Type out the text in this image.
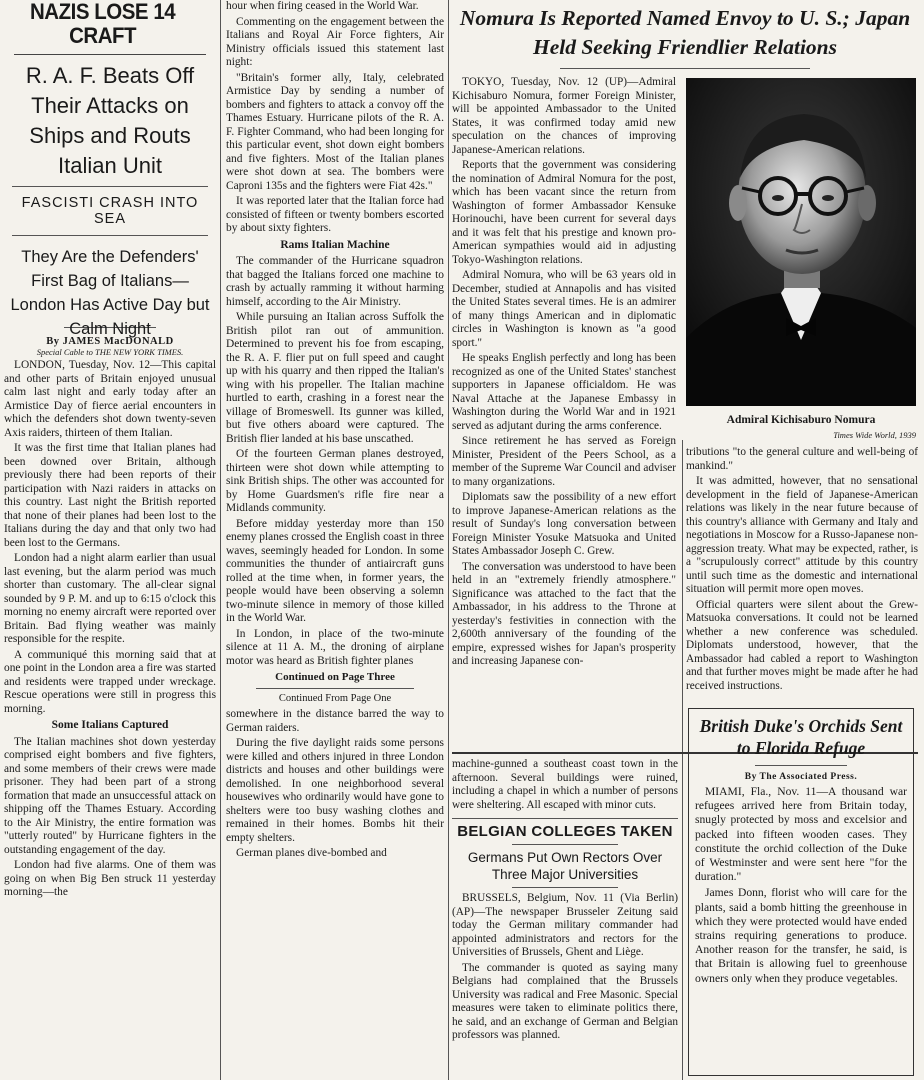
NAZIS LOSE 14 CRAFT
R. A. F. Beats Off Their Attacks on Ships and Routs Italian Unit
FASCISTI CRASH INTO SEA
They Are the Defenders' First Bag of Italians—London Has Active Day but Calm Night
By JAMES MacDONALD
Special Cable to THE NEW YORK TIMES.

LONDON, Tuesday, Nov. 12—This capital and other parts of Britain enjoyed unusual calm last night and early today after an Armistice Day of fierce aerial encounters in which the defenders shot down twenty-seven Axis raiders, thirteen of them Italian.

It was the first time that Italian planes had been downed over Britain, although previously there had been reports of their participation with Nazi raiders in attacks on this country. Last night the British reported that none of their planes had been lost to the Italians during the day and that only two had been lost to the Germans.

London had a night alarm earlier than usual last evening, but the alarm period was much shorter than customary. The all-clear signal sounded by 9 P. M. and up to 6:15 o'clock this morning no enemy aircraft were reported over Britain. Bad flying weather was mainly responsible for the respite.

A communiqué this morning said that at one point in the London area a fire was started and residents were trapped under wreckage. Rescue operations were still in progress this morning.

Some Italians Captured

The Italian machines shot down yesterday comprised eight bombers and five fighters, and some members of their crews were made prisoner. They had been part of a strong formation that made an unsuccessful attack on shipping off the Thames Estuary. According to the Air Ministry, the entire formation was "utterly routed" by Hurricane fighters in the outstanding engagement of the day.

London had five alarms. One of them was going on when Big Ben struck 11 yesterday morning—the

hour when firing ceased in the World War.

Commenting on the engagement between the Italians and Royal Air Force fighters, Air Ministry officials issued this statement last night:

"Britain's former ally, Italy, celebrated Armistice Day by sending a number of bombers and fighters to attack a convoy off the Thames Estuary. Hurricane pilots of the R. A. F. Fighter Command, who had been longing for this particular event, shot down eight bombers and five fighters. Most of the Italian planes were shot down at sea. The bombers were Caproni 135s and the fighters were Fiat 42s."

It was reported later that the Italian force had consisted of fifteen or twenty bombers escorted by about sixty fighters.

Rams Italian Machine

The commander of the Hurricane squadron that bagged the Italians forced one machine to crash by actually ramming it without harming himself, according to the Air Ministry.

While pursuing an Italian across Suffolk the British pilot ran out of ammunition. Determined to prevent his foe from escaping, the R. A. F. flier put on full speed and caught up with his quarry and then ripped the Italian's wing with his propeller. The Italian machine hurtled to earth, crashing in a forest near the village of Bromeswell. Its gunner was killed, but five others aboard were captured. The British flier landed at his base unscathed.

Of the fourteen German planes destroyed, thirteen were shot down while attempting to sink British ships. The other was accounted for by Home Guardsmen's rifle fire near a Midlands community.

Before midday yesterday more than 150 enemy planes crossed the English coast in three waves, seemingly headed for London. In some communities the thunder of antiaircraft guns rolled at the time when, in former years, the people would have been observing a solemn two-minute silence in memory of those killed in the World War.

In London, in place of the two-minute silence at 11 A. M., the droning of airplane motor was heard as British fighter planes

Continued on Page Three
Continued From Page One

somewhere in the distance barred the way to German raiders.

During the five daylight raids some persons were killed and others injured in three London districts and houses and other buildings were demolished. In one neighborhood several housewives who ordinarily would have gone to shelters were too busy washing clothes and remained in their homes. Bombs hit their empty shelters.

German planes dive-bombed and

Nomura Is Reported Named Envoy to U. S.; Japan Held Seeking Friendlier Relations

TOKYO, Tuesday, Nov. 12 (UP)—Admiral Kichisaburo Nomura, former Foreign Minister, will be appointed Ambassador to the United States, it was confirmed today amid new speculation on the chances of improving Japanese-American relations.

Reports that the government was considering the nomination of Admiral Nomura for the post, which has been vacant since the return from Washington of former Ambassador Kensuke Horinouchi, have been current for several days and it was felt that his prestige and known pro-American sympathies would aid in adjusting Tokyo-Washington relations.

Admiral Nomura, who will be 63 years old in December, studied at Annapolis and has visited the United States several times. He is an admirer of many things American and in diplomatic circles in Washington is known as "a good sport."

He speaks English perfectly and long has been recognized as one of the United States' stanchest supporters in Japanese officialdom. He was Naval Attache at the Japanese Embassy in Washington during the World War and in 1921 served as adjutant during the arms conference.

Since retirement he has served as Foreign Minister, President of the Peers School, as a member of the Supreme War Council and adviser to many organizations.

Diplomats saw the possibility of a new effort to improve Japanese-American relations as the result of Sunday's long conversation between Foreign Minister Yosuke Matsuoka and United States Ambassador Joseph C. Grew.

The conversation was understood to have been held in an "extremely friendly atmosphere." Significance was attached to the fact that the Ambassador, in his address to the Throne at yesterday's festivities in connection with the 2,600th anniversary of the founding of the empire, expressed wishes for Japan's prosperity and increasing Japanese con-

Admiral Kichisaburo Nomura
Times Wide World, 1939

tributions "to the general culture and well-being of mankind."

It was admitted, however, that no sensational development in the field of Japanese-American relations was likely in the near future because of this country's alliance with Germany and Italy and negotiations in Moscow for a Russo-Japanese non-aggression treaty. What may be expected, rather, is a "scrupulously correct" attitude by this country until such time as the domestic and international situation will permit more open moves.

Official quarters were silent about the Grew-Matsuoka conversations. It could not be learned whether a new conference was scheduled. Diplomats understood, however, that the Ambassador had cabled a report to Washington and that further moves might be made after he had received instructions.

machine-gunned a southeast coast town in the afternoon. Several buildings were ruined, including a chapel in which a number of persons were sheltering. All escaped with minor cuts.

BELGIAN COLLEGES TAKEN
Germans Put Own Rectors Over Three Major Universities

BRUSSELS, Belgium, Nov. 11 (Via Berlin) (AP)—The newspaper Brusseler Zeitung said today the German military commander had appointed administrators and rectors for the Universities of Brussels, Ghent and Liège.

The commander is quoted as saying many Belgians had complained that the Brussels University was radical and Free Masonic. Special measures were taken to eliminate politics there, he said, and an exchange of German and Belgian professors was planned.

British Duke's Orchids Sent to Florida Refuge
By The Associated Press.

MIAMI, Fla., Nov. 11—A thousand war refugees arrived here from Britain today, snugly protected by moss and excelsior and packed into fifteen wooden cases. They constitute the orchid collection of the Duke of Westminster and were sent here "for the duration."

James Donn, florist who will care for the plants, said a bomb hitting the greenhouse in which they were protected would have ended strains requiring generations to produce. Another reason for the transfer, he said, is that Britain is allowing fuel to greenhouse owners only when they produce vegetables.
